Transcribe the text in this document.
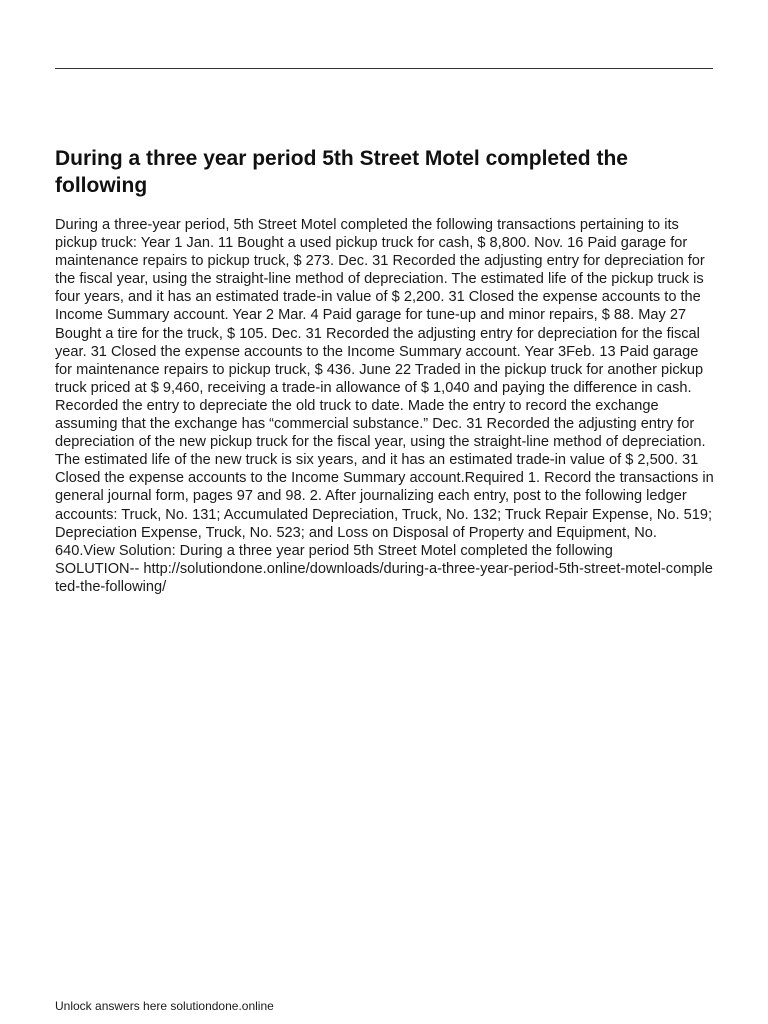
During a three year period 5th Street Motel completed the following
During a three-year period, 5th Street Motel completed the following transactions pertaining to its pickup truck: Year 1 Jan. 11 Bought a used pickup truck for cash, $ 8,800. Nov. 16 Paid garage for maintenance repairs to pickup truck, $ 273. Dec. 31 Recorded the adjusting entry for depreciation for the fiscal year, using the straight-line method of depreciation. The estimated life of the pickup truck is four years, and it has an estimated trade-in value of $ 2,200. 31 Closed the expense accounts to the Income Summary account. Year 2 Mar. 4 Paid garage for tune-up and minor repairs, $ 88. May 27 Bought a tire for the truck, $ 105. Dec. 31 Recorded the adjusting entry for depreciation for the fiscal year. 31 Closed the expense accounts to the Income Summary account. Year 3Feb. 13 Paid garage for maintenance repairs to pickup truck, $ 436. June 22 Traded in the pickup truck for another pickup truck priced at $ 9,460, receiving a trade-in allowance of $ 1,040 and paying the difference in cash. Recorded the entry to depreciate the old truck to date. Made the entry to record the exchange assuming that the exchange has “commercial substance.” Dec. 31 Recorded the adjusting entry for depreciation of the new pickup truck for the fiscal year, using the straight-line method of depreciation. The estimated life of the new truck is six years, and it has an estimated trade-in value of $ 2,500. 31 Closed the expense accounts to the Income Summary account.Required 1. Record the transactions in general journal form, pages 97 and 98. 2. After journalizing each entry, post to the following ledger accounts: Truck, No. 131; Accumulated Depreciation, Truck, No. 132; Truck Repair Expense, No. 519; Depreciation Expense, Truck, No. 523; and Loss on Disposal of Property and Equipment, No. 640.View Solution: During a three year period 5th Street Motel completed the following
SOLUTION-- http://solutiondone.online/downloads/during-a-three-year-period-5th-street-motel-completed-the-following/

Unlock answers here solutiondone.online
